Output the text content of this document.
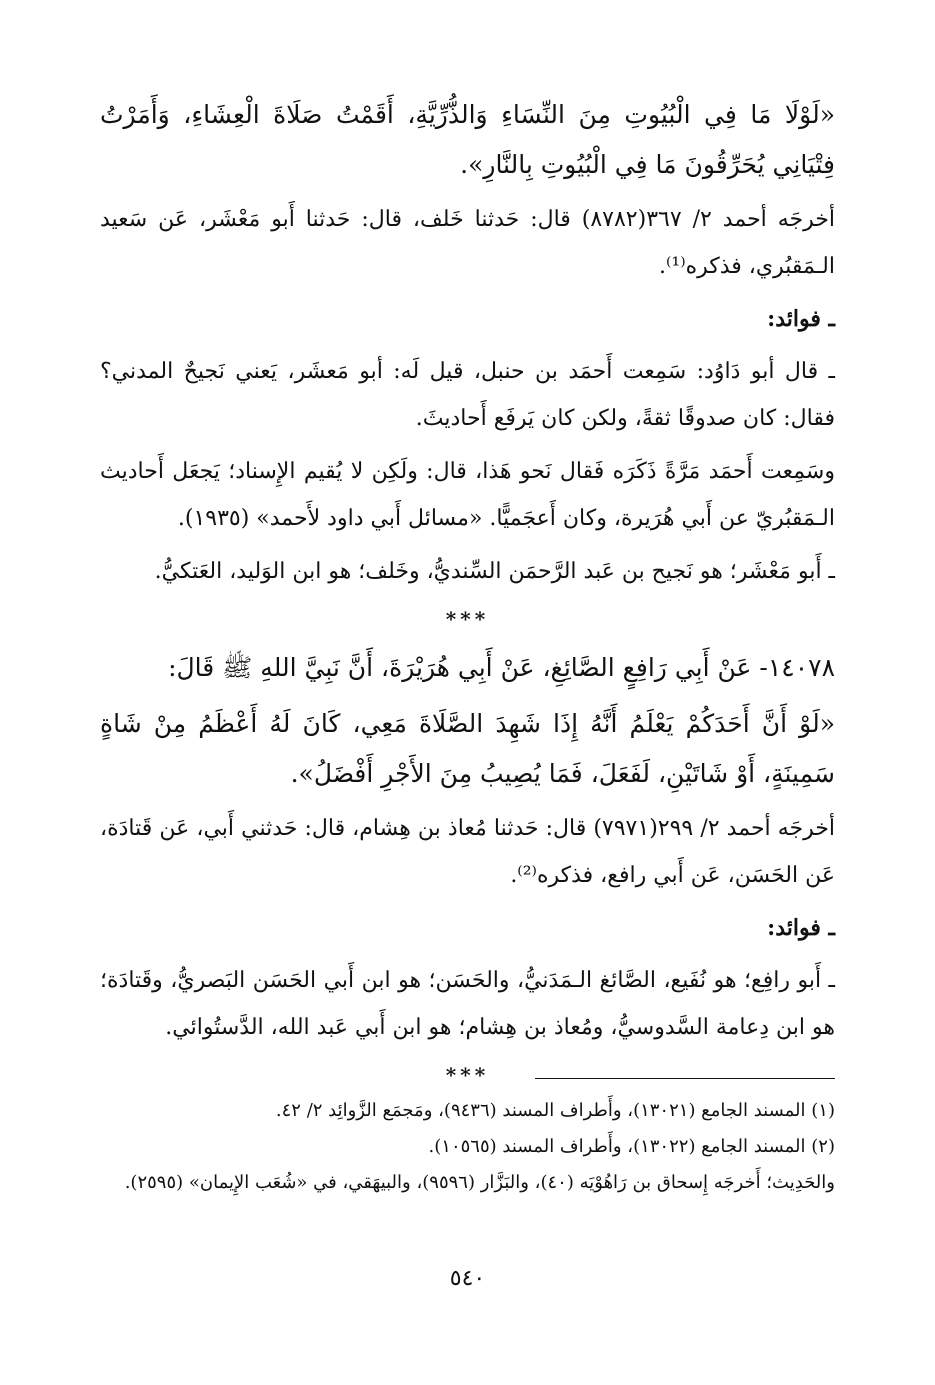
«لَوْلَا مَا فِي الْبُيُوتِ مِنَ النِّسَاءِ وَالذُّرِّيَّةِ، أَقَمْتُ صَلَاةَ الْعِشَاءِ، وَأَمَرْتُ فِتْيَانِي يُحَرِّقُونَ مَا فِي الْبُيُوتِ بِالنَّارِ».

أخرجَه أحمد ٢/ ٣٦٧(٨٧٨٢) قال: حَدثنا خَلف، قال: حَدثنا أَبو مَعْشَر، عَن سَعيد الـمَقبُري، فذكره⁽¹⁾.

ـ فوائد:

ـ قال أبو دَاوُد: سَمِعت أَحمَد بن حنبل، قيل لَه: أبو مَعشَر، يَعني نَجيحٌ المدني؟ فقال: كان صدوقًا ثقةً، ولكن كان يَرفَع أَحاديثَ.

وسَمِعت أَحمَد مَرَّةً ذَكَرَه فَقال نَحو هَذا، قال: ولَكِن لا يُقيم الإِسناد؛ يَجعَل أَحاديث الـمَقبُريّ عن أَبي هُرَيرة، وكان أَعجَميًّا. «مسائل أَبي داود لأَحمد» (١٩٣٥).

ـ أَبو مَعْشَر؛ هو نَجيح بن عَبد الرَّحمَن السِّنديُّ، وخَلف؛ هو ابن الوَليد، العَتكيُّ.

***

١٤٠٧٨- عَنْ أَبِي رَافِعٍ الصَّائِغِ، عَنْ أَبِي هُرَيْرَةَ، أَنَّ نَبِيَّ اللهِ ﷺ قَالَ:

«لَوْ أَنَّ أَحَدَكُمْ يَعْلَمُ أَنَّهُ إِذَا شَهِدَ الصَّلَاةَ مَعِي، كَانَ لَهُ أَعْظَمُ مِنْ شَاةٍ سَمِينَةٍ، أَوْ شَاتَيْنِ، لَفَعَلَ، فَمَا يُصِيبُ مِنَ الأَجْرِ أَفْضَلُ».

أخرجَه أحمد ٢/ ٢٩٩(٧٩٧١) قال: حَدثنا مُعاذ بن هِشام، قال: حَدثني أَبي، عَن قَتادَة، عَن الحَسَن، عَن أَبي رافع، فذكره⁽²⁾.

ـ فوائد:

ـ أَبو رافِع؛ هو نُفَيع، الصَّائغ الـمَدَنيُّ، والحَسَن؛ هو ابن أَبي الحَسَن البَصريُّ، وقَتادَة؛ هو ابن دِعامة السَّدوسيُّ، ومُعاذ بن هِشام؛ هو ابن أَبي عَبد الله، الدَّستُوائي.

***

(١) المسند الجامع (١٣٠٢١)، وأَطراف المسند (٩٤٣٦)، ومَجمَع الزَّوائِد ٢/ ٤٢.

(٢) المسند الجامع (١٣٠٢٢)، وأَطراف المسند (١٠٥٦٥).

والحَدِيث؛ أَخرجَه إِسحاق بن رَاهُوْيَه (٤٠)، والبَزَّار (٩٥٩٦)، والبيهَقي، في «شُعَب الإِيمان» (٢٥٩٥).

٥٤٠
